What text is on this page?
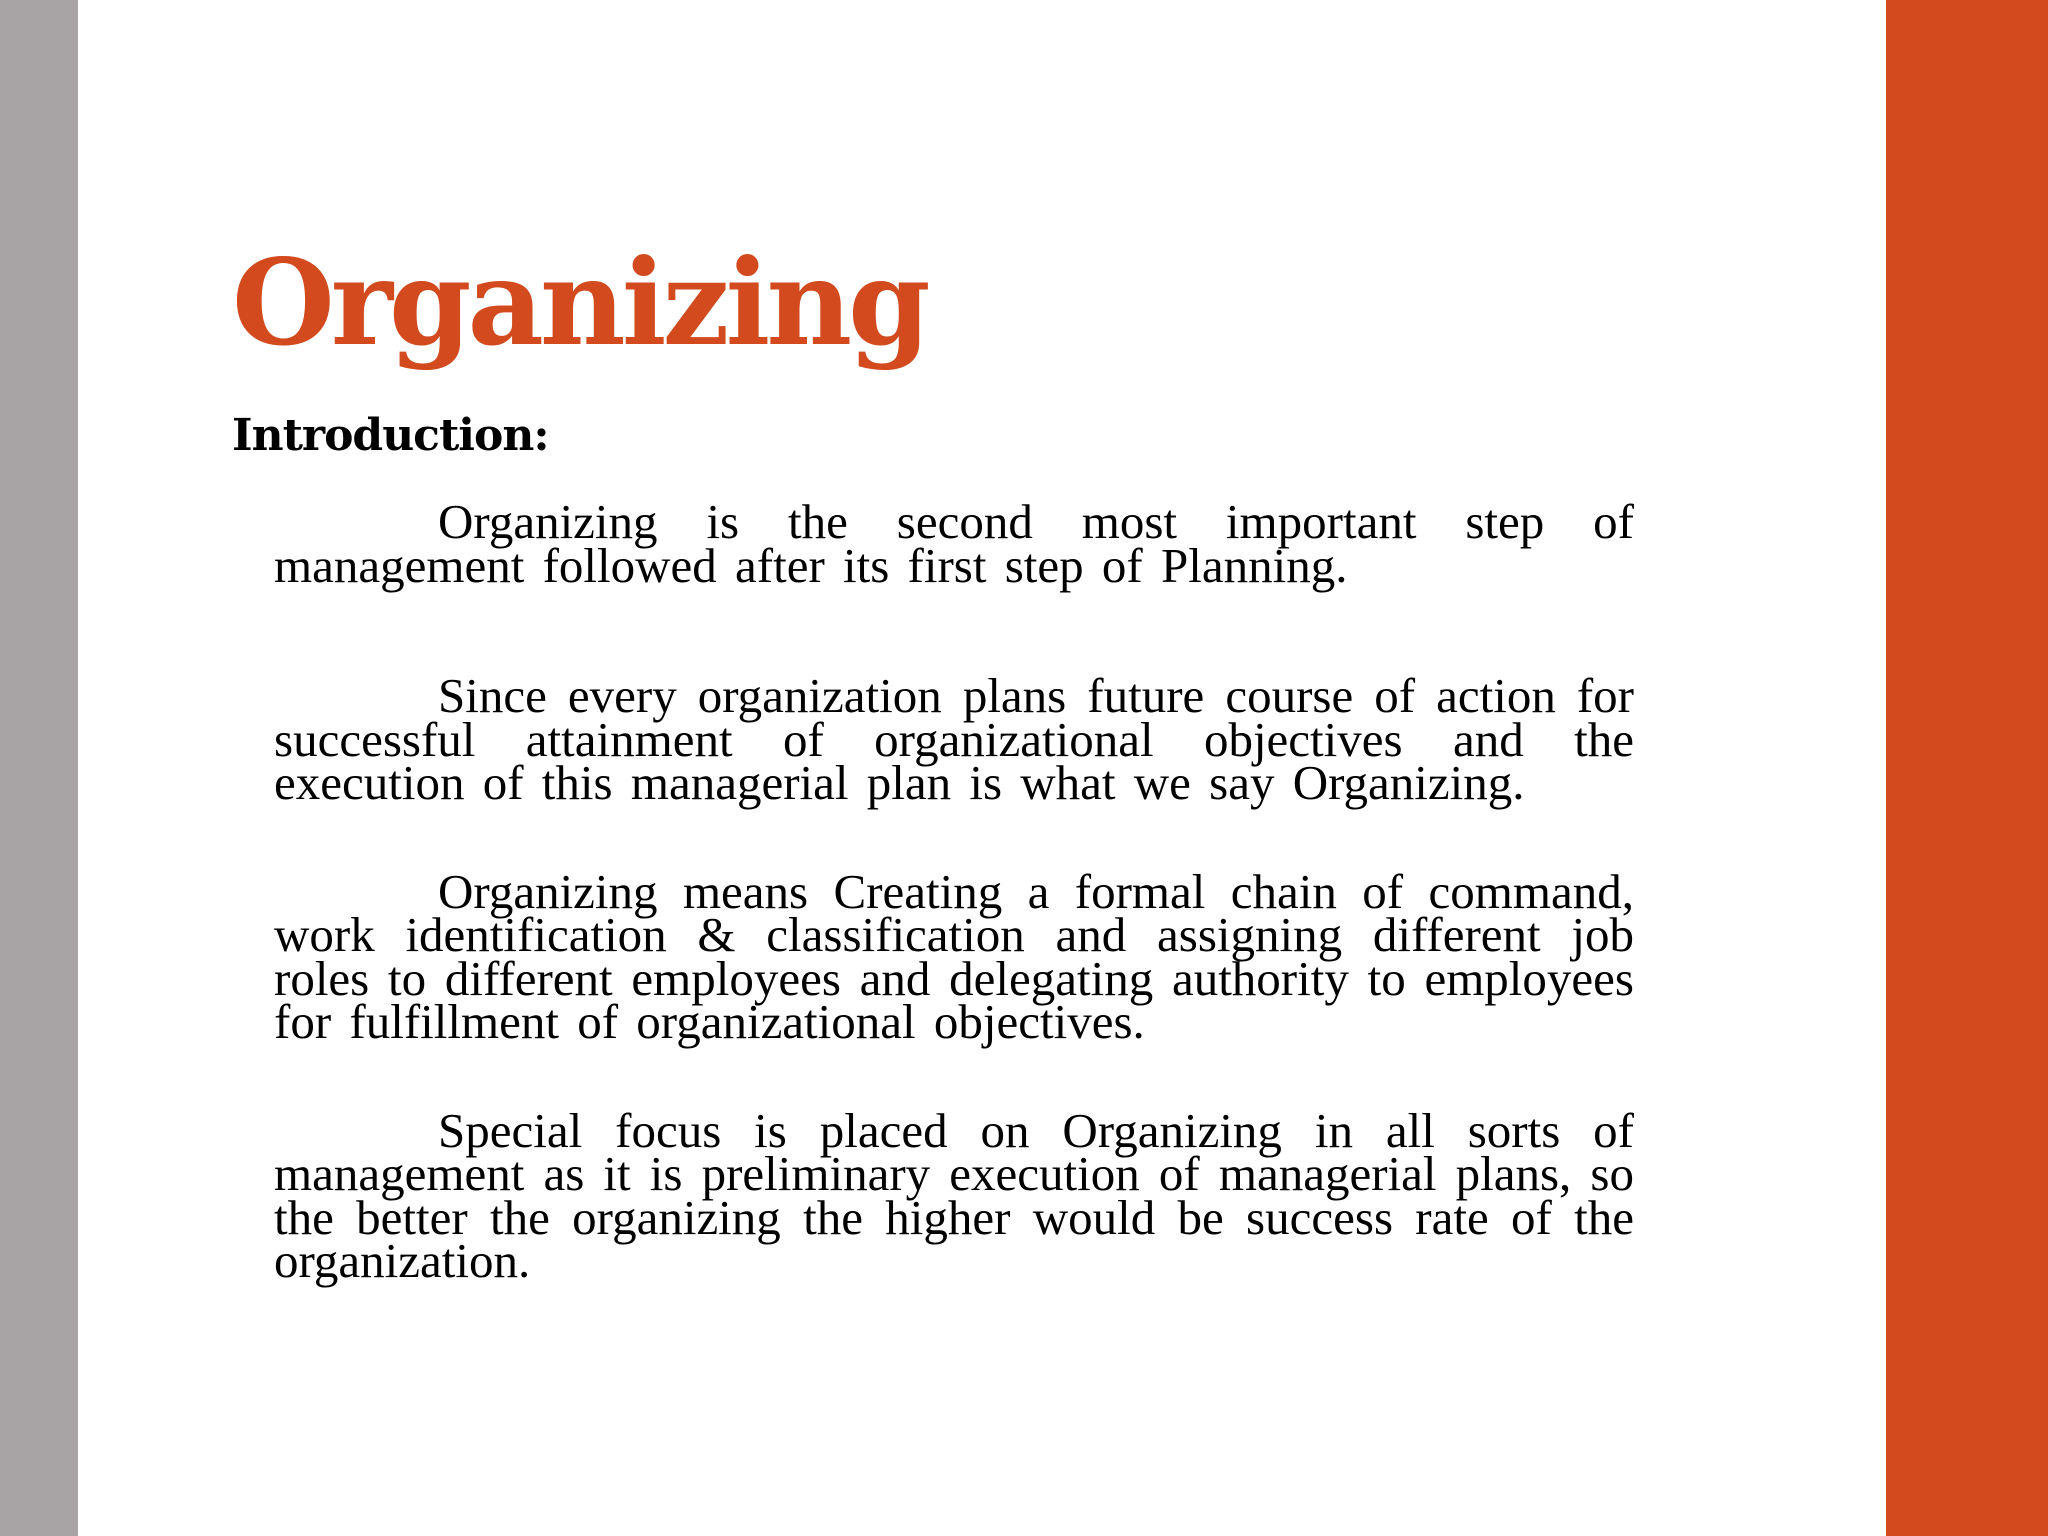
Organizing
Introduction:

Organizing is the second most important step of management followed after its first step of Planning.

Since every organization plans future course of action for successful attainment of organizational objectives and the execution of this managerial plan is what we say Organizing.

Organizing means Creating a formal chain of command, work identification & classification and assigning different job roles to different employees and delegating authority to employees for fulfillment of organizational objectives.

Special focus is placed on Organizing in all sorts of management as it is preliminary execution of managerial plans, so the better the organizing the higher would be success rate of the organization.
